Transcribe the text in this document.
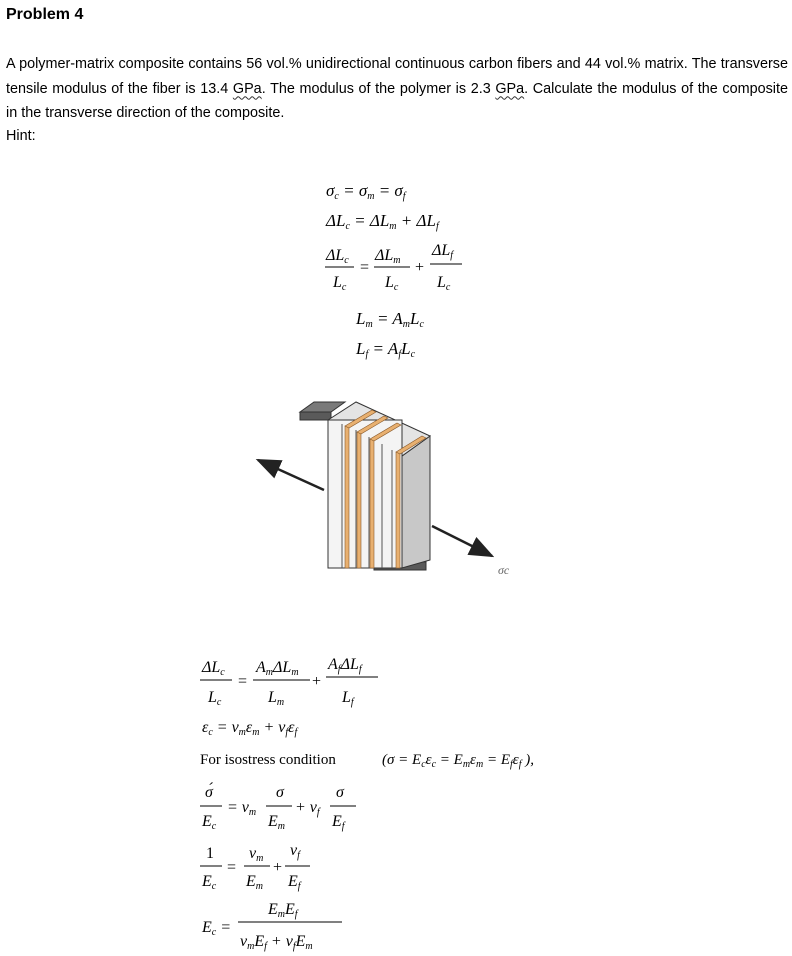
Problem 4
A polymer-matrix composite contains 56 vol.% unidirectional continuous carbon fibers and 44 vol.% matrix. The transverse tensile modulus of the fiber is 13.4 GPa. The modulus of the polymer is 2.3 GPa. Calculate the modulus of the composite in the transverse direction of the composite.
Hint:
σc = σm = σf
ΔLc = ΔLm + ΔLf
ΔLc
Lc
=
ΔLm
Lc
+
ΔLf
Lc
Lm = AmLc
Lf = AfLc
σc
ΔLc
Lc
=
AmΔLm
Lm
+
AfΔLf
Lf
εc = vmεm + vfεf
For isostress condition	($\sigma = E_c\varepsilon_c = E_m\varepsilon_m = E_f\varepsilon_f$ ),
σ́
Ec
= vm
σ
Em
+ vf
σ
Ef
1
Ec
=
vm
Em
+
vf
Ef
Ec =
EmEf
vmEf + vfEm
